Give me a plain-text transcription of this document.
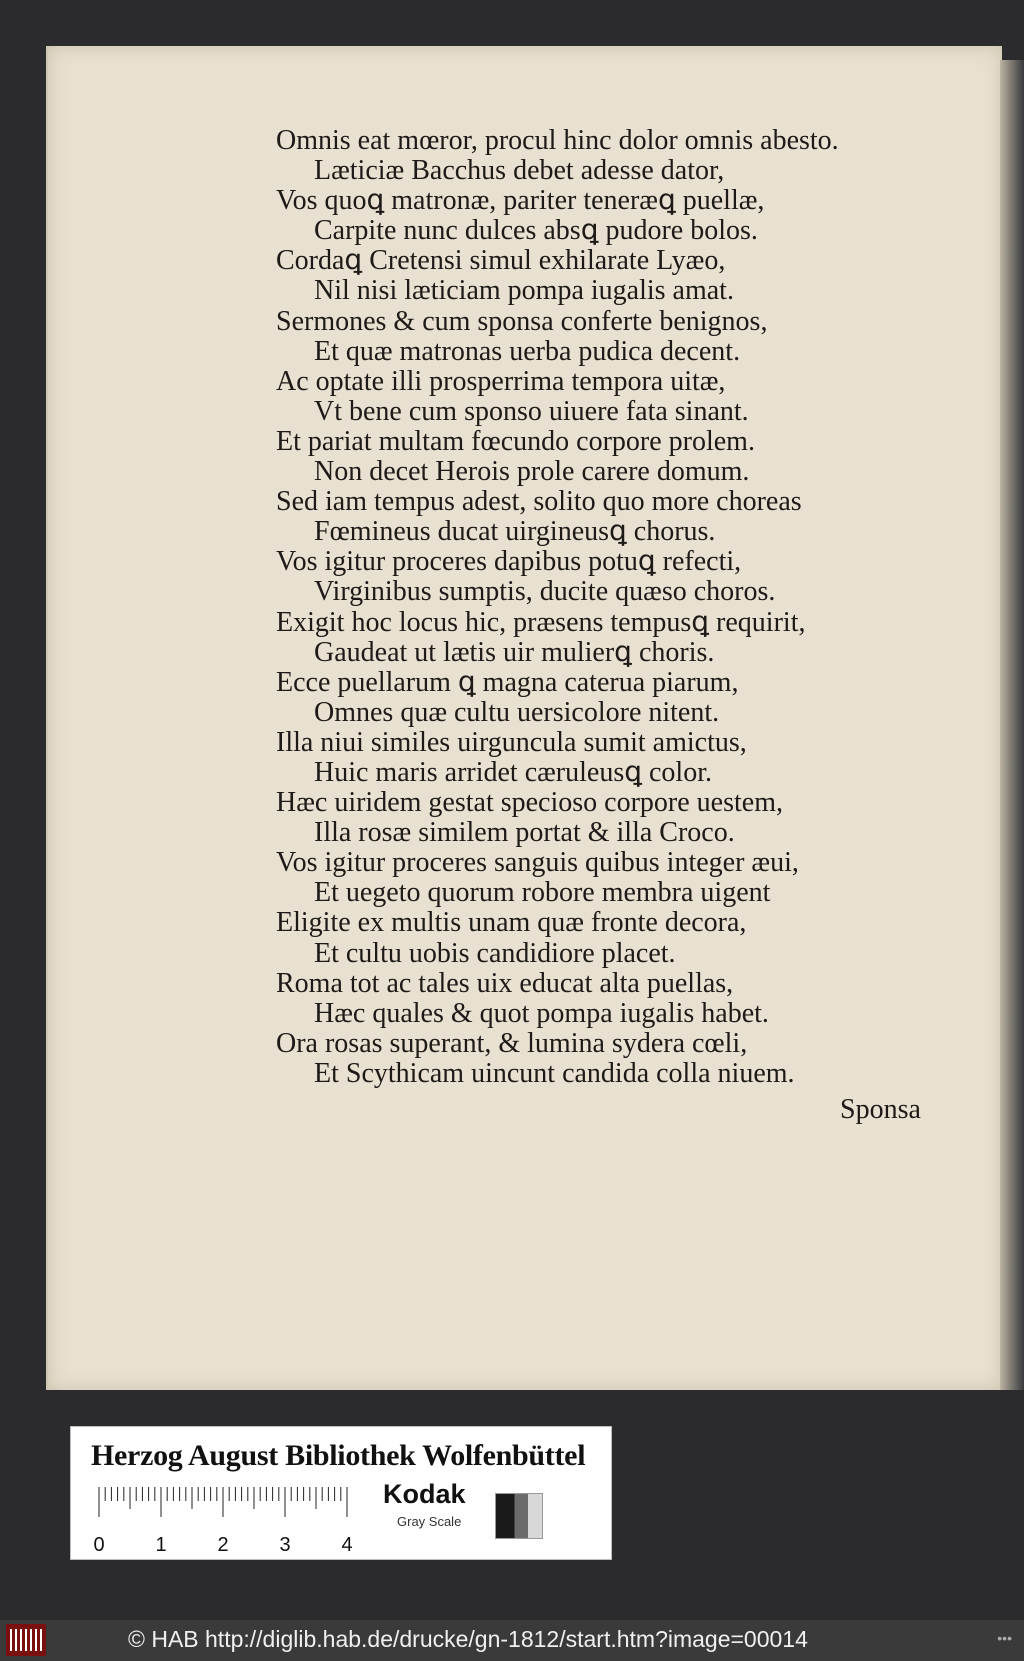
Omnis eat mœror, procul hinc dolor omnis abesto.
Læticiæ Bacchus debet adesse dator,
Vos quoꝗ matronæ, pariter teneræꝗ puellæ,
Carpite nunc dulces absꝗ pudore bolos.
Cordaꝗ Cretensi simul exhilarate Lyæo,
Nil nisi læticiam pompa iugalis amat.
Sermones & cum sponsa conferte benignos,
Et quæ matronas uerba pudica decent.
Ac optate illi prosperrima tempora uitæ,
Vt bene cum sponso uiuere fata sinant.
Et pariat multam fœcundo corpore prolem.
Non decet Herois prole carere domum.
Sed iam tempus adest, solito quo more choreas
Fœmineus ducat uirgineusꝗ chorus.
Vos igitur proceres dapibus potuꝗ refecti,
Virginibus sumptis, ducite quæso choros.
Exigit hoc locus hic, præsens tempusꝗ requirit,
Gaudeat ut lætis uir mulierꝗ choris.
Ecce puellarum ꝗ magna caterua piarum,
Omnes quæ cultu uersicolore nitent.
Illa niui similes uirguncula sumit amictus,
Huic maris arridet cæruleusꝗ color.
Hæc uiridem gestat specioso corpore uestem,
Illa rosæ similem portat & illa Croco.
Vos igitur proceres sanguis quibus integer æui,
Et uegeto quorum robore membra uigent
Eligite ex multis unam quæ fronte decora,
Et cultu uobis candidiore placet.
Roma tot ac tales uix educat alta puellas,
Hæc quales & quot pompa iugalis habet.
Ora rosas superant, & lumina sydera cœli,
Et Scythicam uincunt candida colla niuem.
Sponsa
Herzog August Bibliothek Wolfenbüttel
0	1	2	3	4
Kodak
Gray Scale
© HAB http://diglib.hab.de/drucke/gn-1812/start.htm?image=00014	•••
